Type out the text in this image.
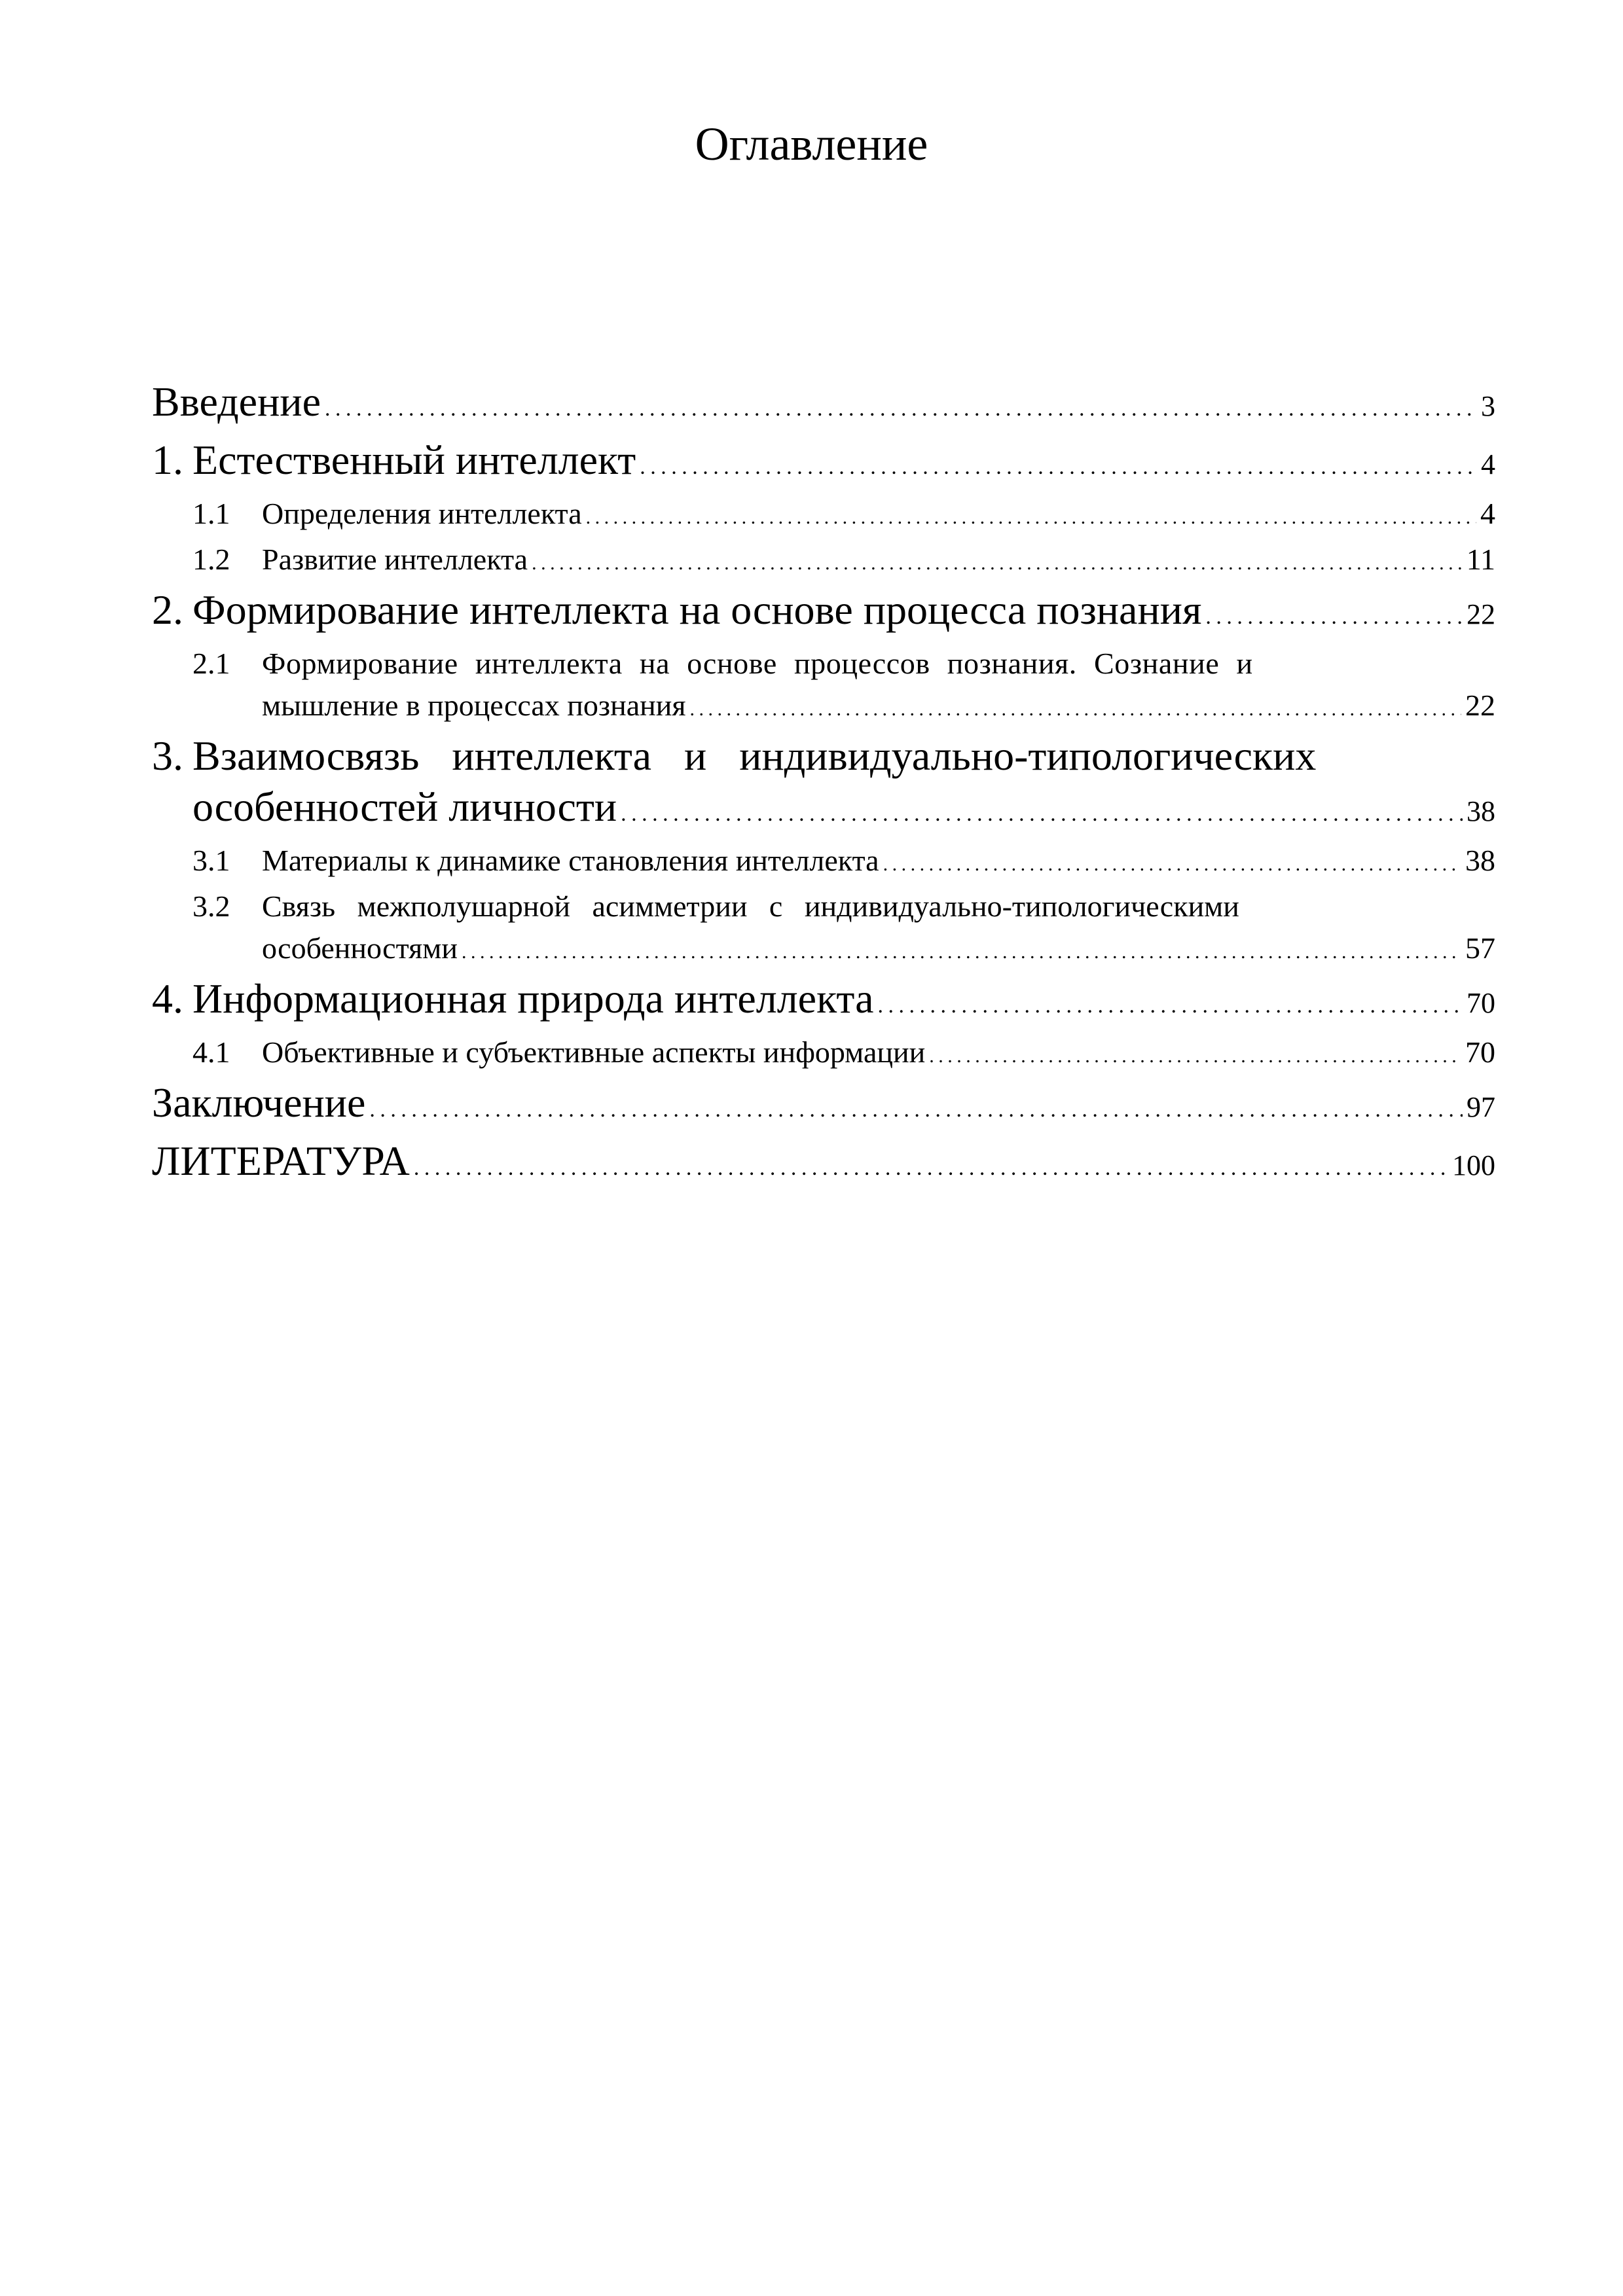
Оглавление
Введение . . .	3
1. Естественный интеллект . . .	4
1.1	Определения интеллекта . . .	4
1.2	Развитие интеллекта . . .	11
2. Формирование интеллекта на основе процесса познания . . .	22
2.1	Формирование интеллекта на основе процессов познания. Сознание и
мышление в процессах познания . . .	22
3. Взаимосвязь интеллекта и индивидуально-типологических
особенностей личности . . .	38
3.1	Материалы к динамике становления интеллекта . . .	38
3.2	Связь межполушарной асимметрии с индивидуально-типологическими
особенностями . . .	57
4. Информационная природа интеллекта . . .	70
4.1	Объективные и субъективные аспекты информации . . .	70
Заключение . . .	97
ЛИТЕРАТУРА . . .	100
